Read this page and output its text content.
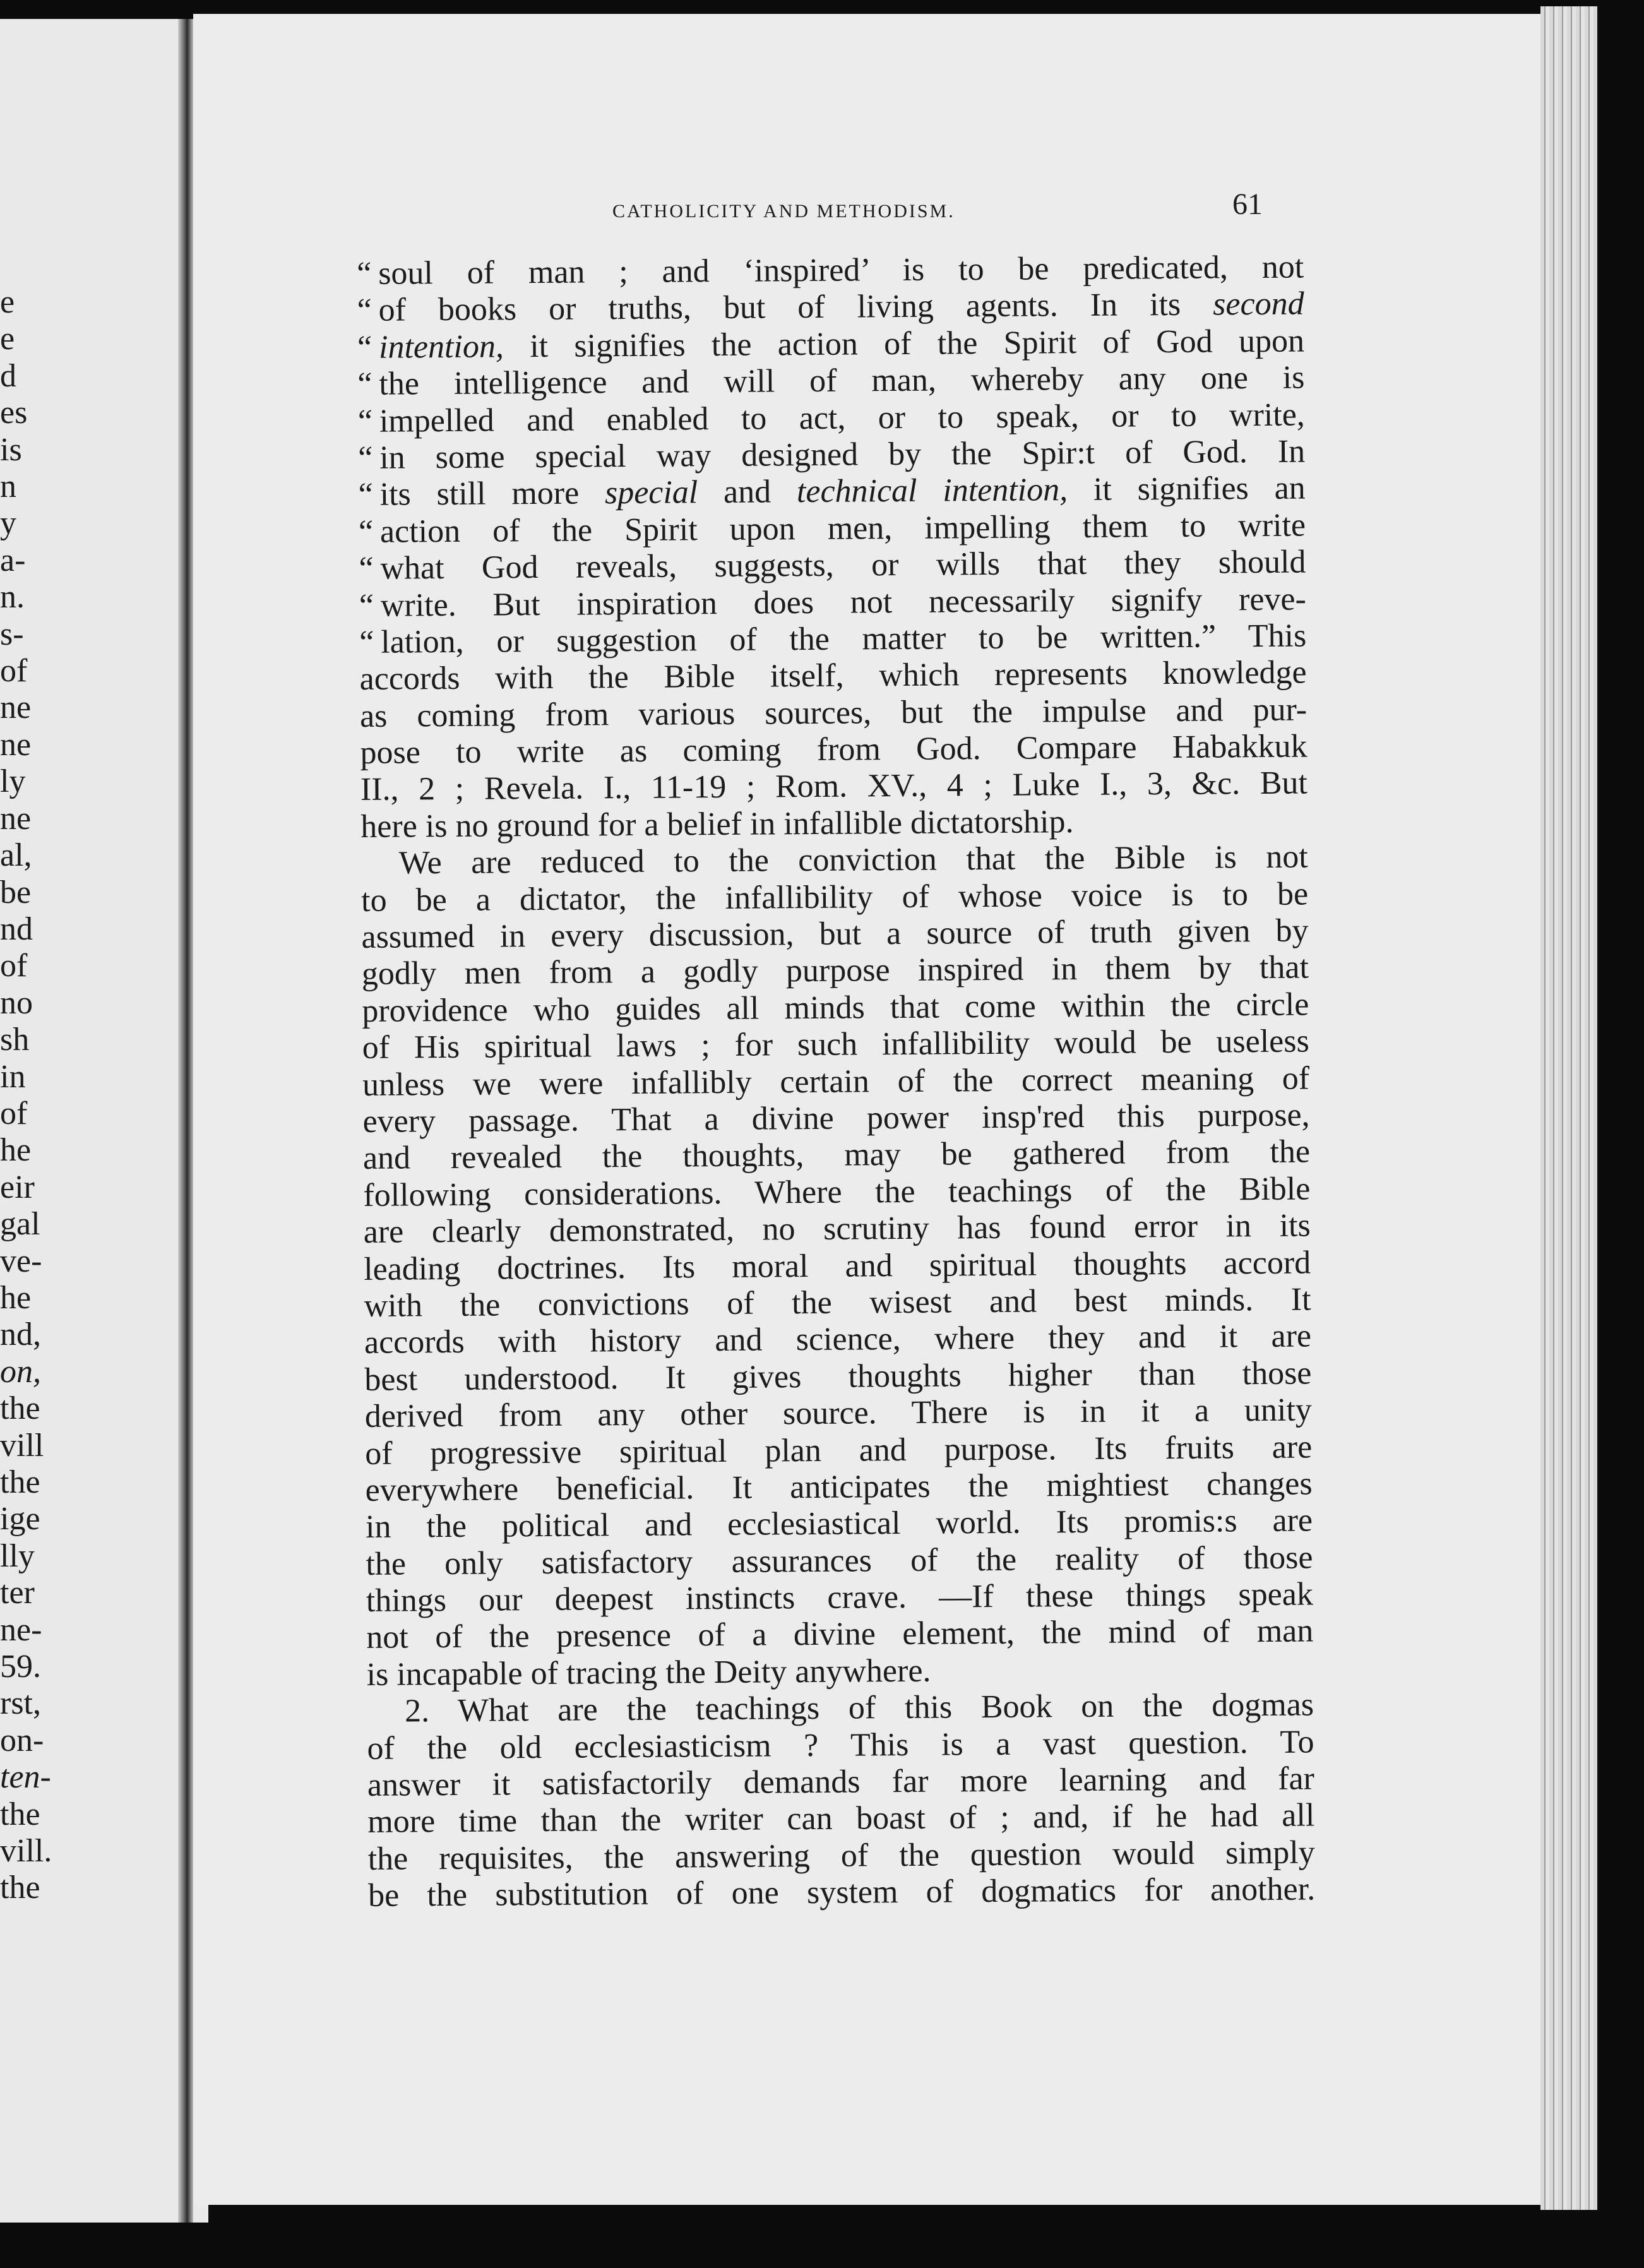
e
e
d
es
is
n
y
a-
n.
s-
of
ne
ne
ly
ne
al,
be
nd
of
no
sh
in
of
he
eir
gal
ve-
he
nd,
on,
the
vill
the
ige
lly
ter
ne-
59.
rst,
on-
ten-
the
vill.
the
CATHOLICITY AND METHODISM.	61
“ soul of man ; and ‘inspired’ is to be predicated, not
“ of books or truths, but of living agents. In its second
“ intention, it signifies the action of the Spirit of God upon
“ the intelligence and will of man, whereby any one is
“ impelled and enabled to act, or to speak, or to write,
“ in some special way designed by the Spir:t of God. In
“ its still more special and technical intention, it signifies an
“ action of the Spirit upon men, impelling them to write
“ what God reveals, suggests, or wills that they should
“ write. But inspiration does not necessarily signify reve-
“ lation, or suggestion of the matter to be written.” This
accords with the Bible itself, which represents knowledge
as coming from various sources, but the impulse and pur-
pose to write as coming from God. Compare Habakkuk
II., 2 ; Revela. I., 11-19 ; Rom. XV., 4 ; Luke I., 3, &c. But
here is no ground for a belief in infallible dictatorship.
We are reduced to the conviction that the Bible is not
to be a dictator, the infallibility of whose voice is to be
assumed in every discussion, but a source of truth given by
godly men from a godly purpose inspired in them by that
providence who guides all minds that come within the circle
of His spiritual laws ; for such infallibility would be useless
unless we were infallibly certain of the correct meaning of
every passage. That a divine power insp'red this purpose,
and revealed the thoughts, may be gathered from the
following considerations. Where the teachings of the Bible
are clearly demonstrated, no scrutiny has found error in its
leading doctrines. Its moral and spiritual thoughts accord
with the convictions of the wisest and best minds. It
accords with history and science, where they and it are
best understood. It gives thoughts higher than those
derived from any other source. There is in it a unity
of progressive spiritual plan and purpose. Its fruits are
everywhere beneficial. It anticipates the mightiest changes
in the political and ecclesiastical world. Its promis:s are
the only satisfactory assurances of the reality of those
things our deepest instincts crave. —If these things speak
not of the presence of a divine element, the mind of man
is incapable of tracing the Deity anywhere.
2. What are the teachings of this Book on the dogmas
of the old ecclesiasticism ? This is a vast question. To
answer it satisfactorily demands far more learning and far
more time than the writer can boast of ; and, if he had all
the requisites, the answering of the question would simply
be the substitution of one system of dogmatics for another.
